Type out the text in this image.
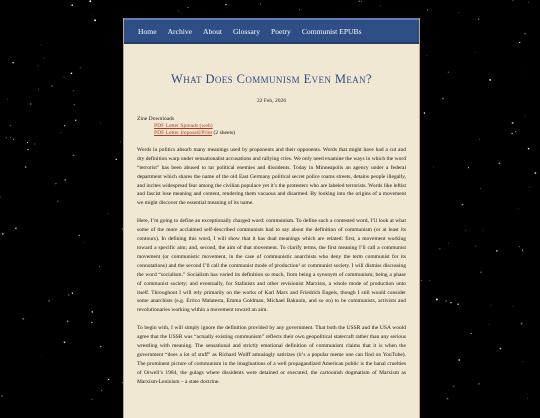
Home Archive About Glossary Poetry Communist EPUBs
What Does Communism Even Mean?
22 Feb, 2026
Zine Downloads
PDF Letter Spreads (web)
PDF Letter Imposed/Print (2 sheets)

Words in politics absorb many meanings used by proponents and their opponents. Words that might have had a cut and dry definition warp under sensationalist accusations and rallying cries. We only need examine the ways in which the word “terrorist” has been abused to tar political enemies and dissidents. Today in Minneapolis an agency under a federal department which shares the name of the old East Germany political secret police roams streets, detains people illegally, and incites widespread fear among the civilian populace yet it’s the protesters who are labeled terrorists. Words like leftist and fascist lose meaning and content, rendering them vacuous and disarmed. By looking into the origins of a movement we might discover the essential meaning of its name.

Here, I’m going to define an exceptionally charged word: communism. To define such a contested word, I’ll look at what some of the more acclaimed self-described communists had to say about the definition of communism (or at least its contours). In defining this word, I will show that it has dual meanings which are related: first, a movement working toward a specific aim; and, second, the aim of that movement. To clarify terms, the first meaning I’ll call a communist movement (or communistic movement, in the case of communistic anarchists who deny the term communist for its connotations) and the second I’ll call the communist mode of production¹ or communist society. I will dismiss discussing the word “socialism.” Socialism has varied its definition so much, from being a synonym of communism; being a phase of communist society; and eventually, for Stalinists and other revisionist Marxists, a whole mode of production unto itself. Throughout I will rely primarily on the works of Karl Marx and Friedrich Engels, though I still would consider some anarchists (e.g. Errico Malatesta, Emma Goldman, Michael Bakunin, and so on) to be communists, activists and revolutionaries working within a movement toward an aim.

To begin with, I will simply ignore the definition provided by any government. That both the USSR and the USA would agree that the USSR was “actually existing communism” reflects their own geopolitical statecraft rather than any serious wrestling with meaning. The sensational and strictly emotional definition of communism claims that it is when the government “does a lot of stuff” as Richard Wolff amusingly satirizes (it’s a popular meme one can find on YouTube). The prominent picture of communism in the imaginations of a well propagandized American public is the banal cruelties of Orwell’s 1984, the gulags where dissidents were detained or executed, the cartoonish dogmatism of Marxism as Marxism-Leninism – a state doctrine.
